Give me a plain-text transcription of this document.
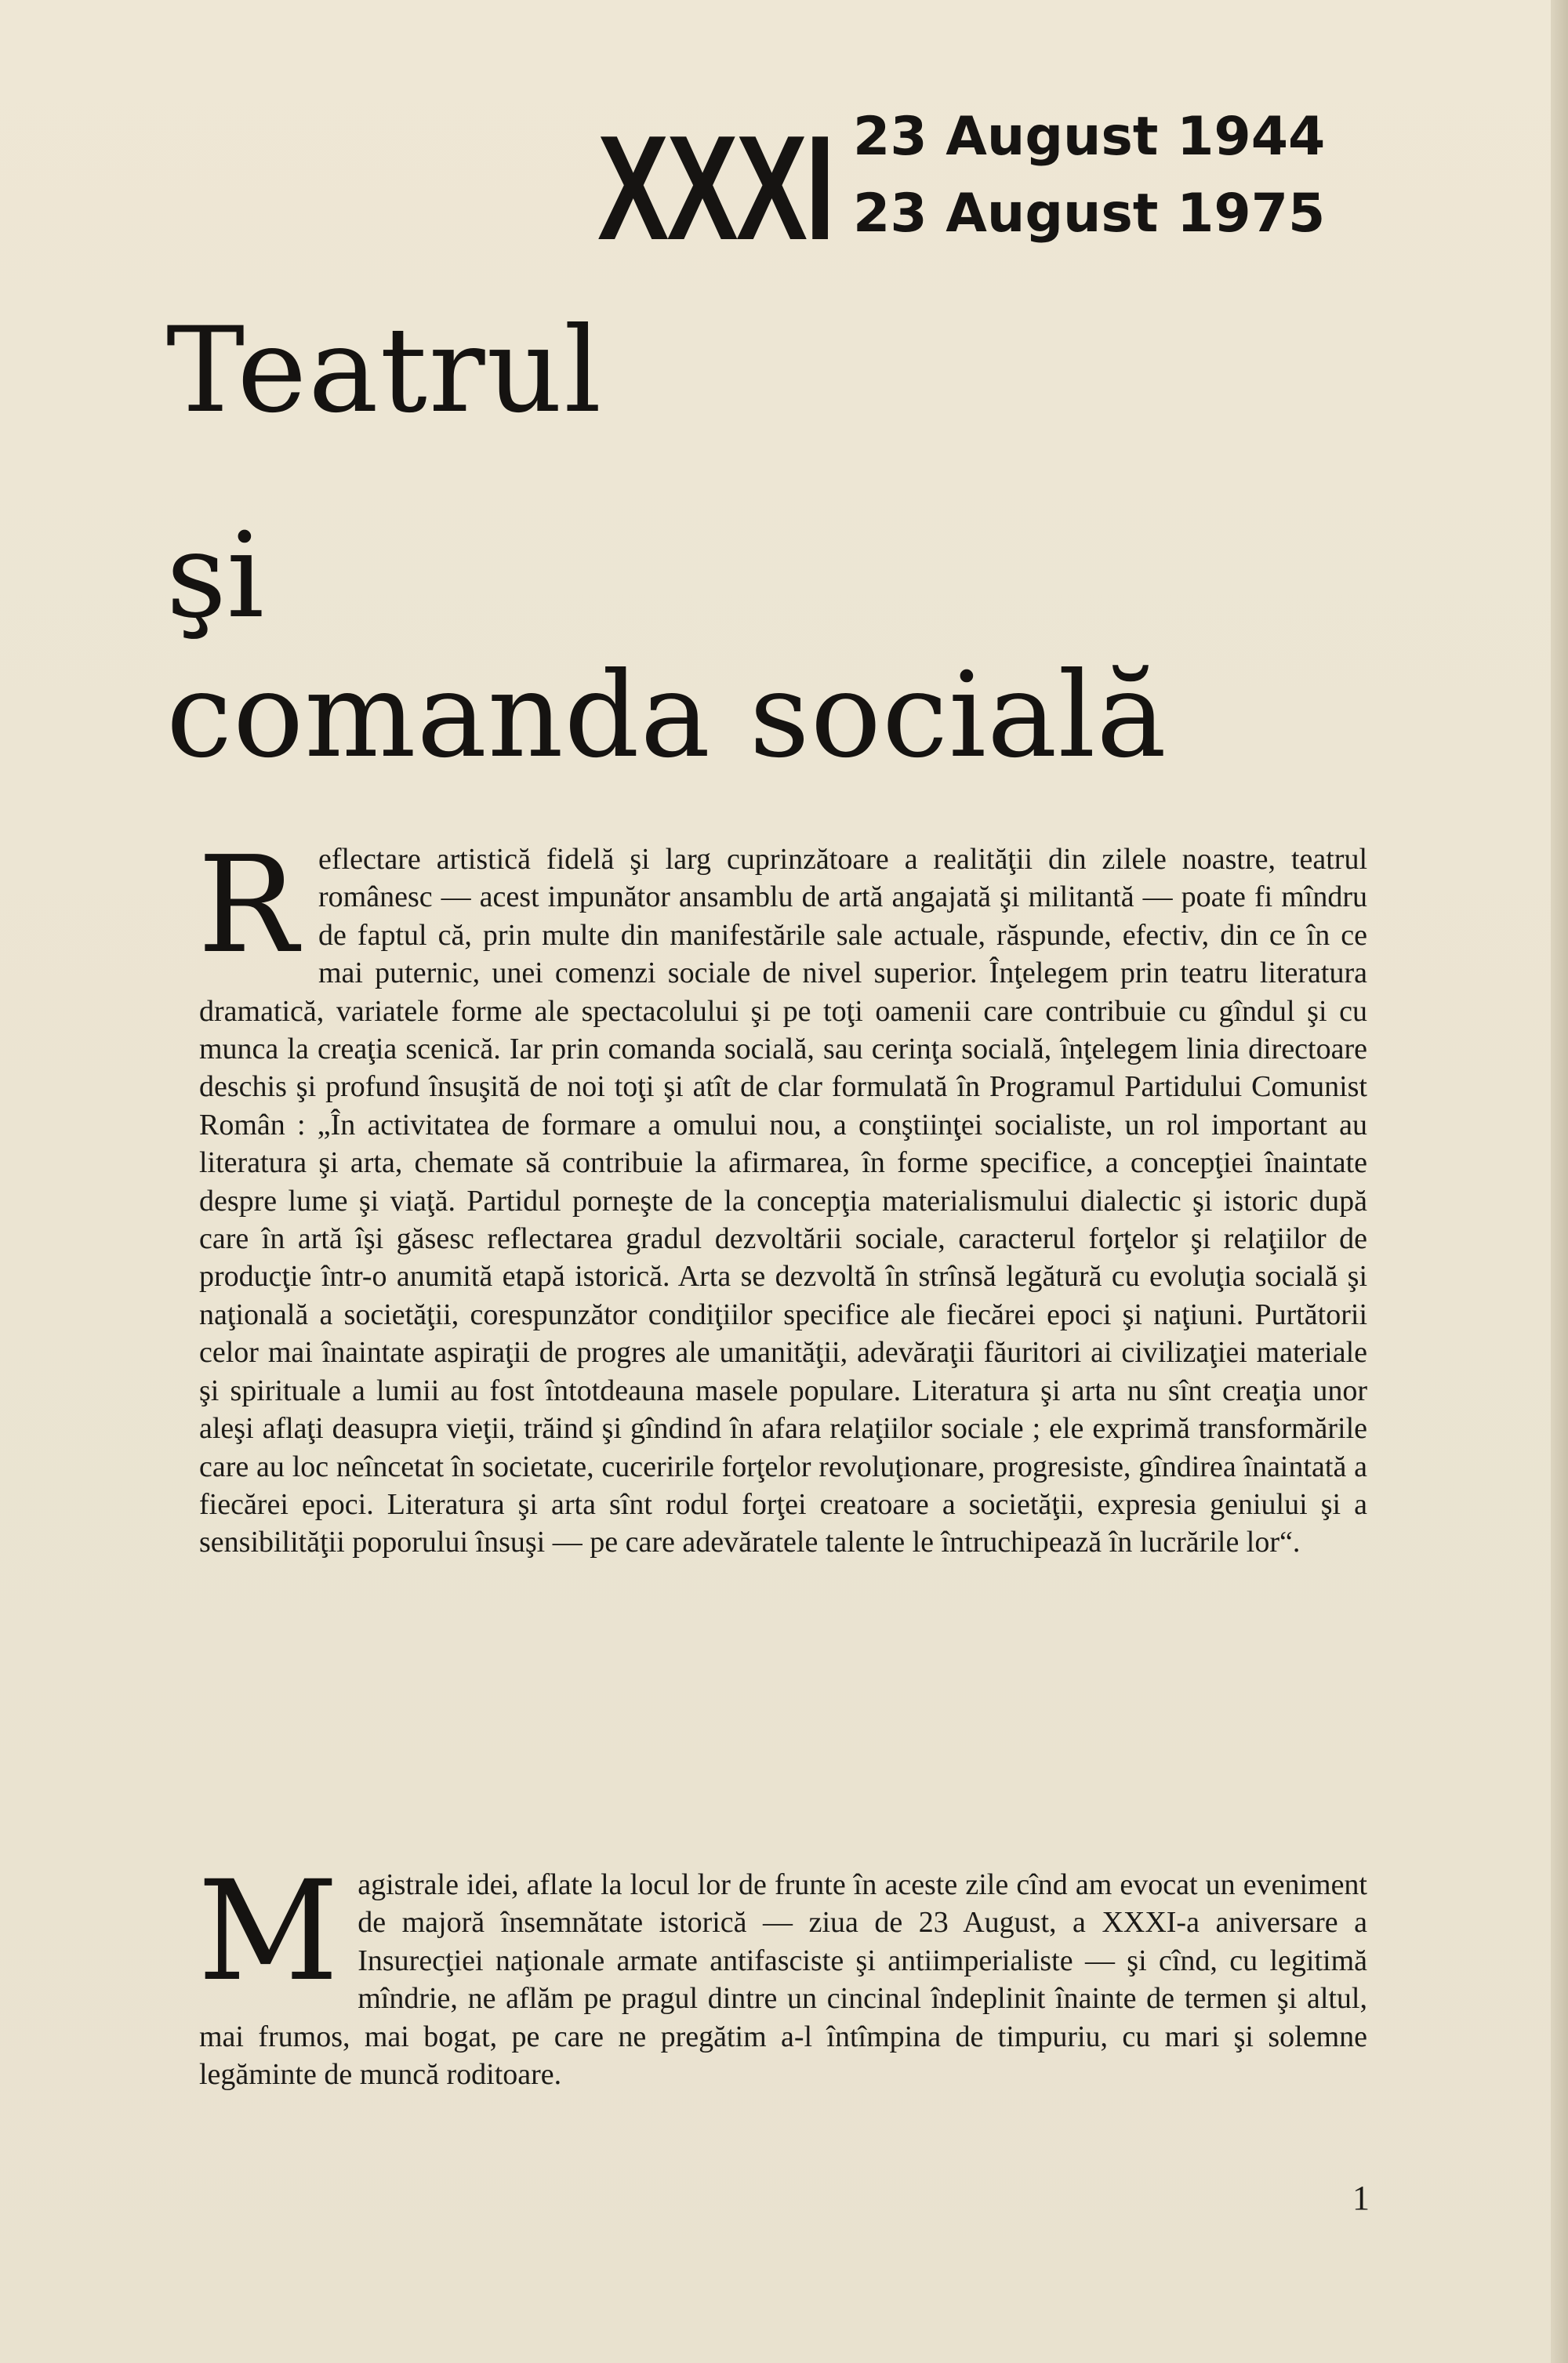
XXXI 23 August 1944
23 August 1975
Teatrul
şi
comanda socială
R eflectare artistică fidelă şi larg cuprinzătoare a realităţii din zilele noastre, teatrul românesc — acest impunător ansamblu de artă angajată şi militantă — poate fi mîndru de faptul că, prin multe din manifestările sale actuale, răspunde, efectiv, din ce în ce mai puternic, unei comenzi sociale de nivel superior. Înţelegem prin teatru literatura dramatică, variatele forme ale spectacolului şi pe toţi oamenii care contribuie cu gîndul şi cu munca la creaţia scenică. Iar prin comanda socială, sau cerinţa socială, înţelegem linia directoare deschis şi profund însuşită de noi toţi şi atît de clar formulată în Programul Partidului Comunist Român : „În activitatea de formare a omului nou, a conştiinţei socialiste, un rol important au literatura şi arta, chemate să contribuie la afirmarea, în forme specifice, a concepţiei înaintate despre lume şi viaţă. Partidul porneşte de la concepţia materialismului dialectic şi istoric după care în artă îşi găsesc reflectarea gradul dezvoltării sociale, caracterul forţelor şi relaţiilor de producţie într-o anumită etapă istorică. Arta se dezvoltă în strînsă legătură cu evoluţia socială şi naţională a societăţii, corespunzător condiţiilor specifice ale fiecărei epoci şi naţiuni. Purtătorii celor mai înaintate aspiraţii de progres ale umanităţii, adevăraţii făuritori ai civilizaţiei materiale şi spirituale a lumii au fost întotdeauna masele populare. Literatura şi arta nu sînt creaţia unor aleşi aflaţi deasupra vieţii, trăind şi gîndind în afara relaţiilor sociale ; ele exprimă transformările care au loc neîncetat în societate, cuceririle forţelor revoluţionare, progresiste, gîndirea înaintată a fiecărei epoci. Literatura şi arta sînt rodul forţei creatoare a societăţii, expresia geniului şi a sensibilităţii poporului însuşi — pe care adevăratele talente le întruchipează în lucrările lor“.
M agistrale idei, aflate la locul lor de frunte în aceste zile cînd am evocat un eveniment de majoră însemnătate istorică — ziua de 23 August, a XXXI-a aniversare a Insurecţiei naţionale armate antifasciste şi antiimperialiste — şi cînd, cu legitimă mîndrie, ne aflăm pe pragul dintre un cincinal îndeplinit înainte de termen şi altul, mai frumos, mai bogat, pe care ne pregătim a-l întîmpina de timpuriu, cu mari şi solemne legăminte de muncă roditoare.
1
